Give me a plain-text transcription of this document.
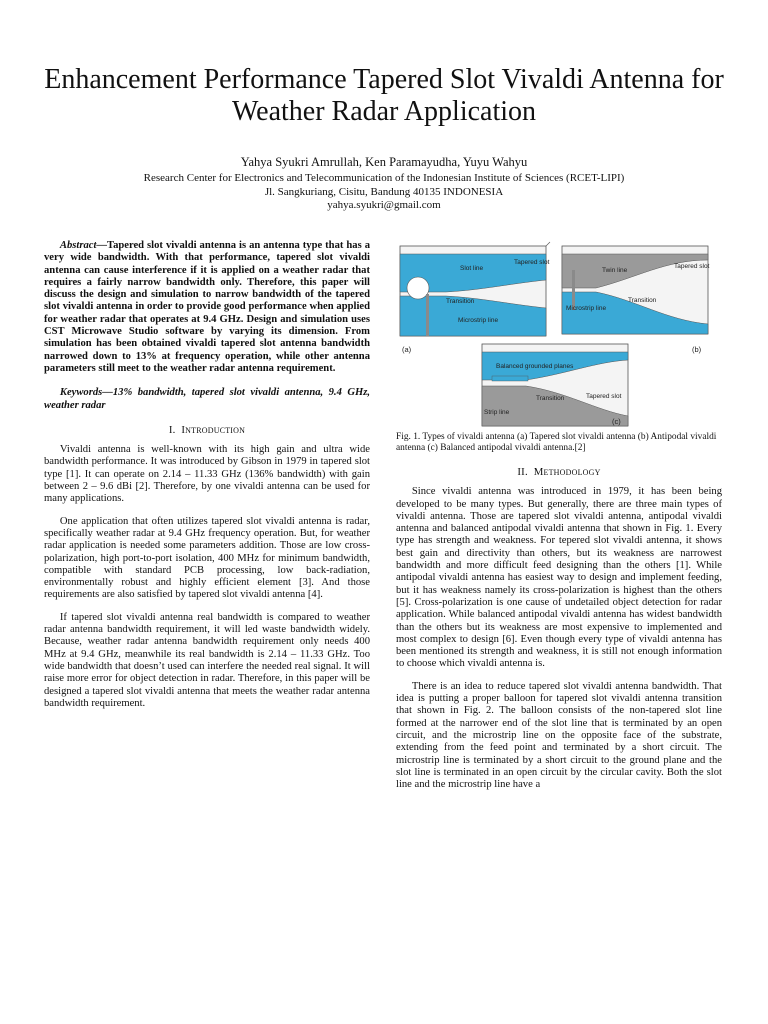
Enhancement Performance Tapered Slot Vivaldi Antenna for Weather Radar Application
Yahya Syukri Amrullah, Ken Paramayudha, Yuyu Wahyu
Research Center for Electronics and Telecommunication of the Indonesian Institute of Sciences (RCET-LIPI)
Jl. Sangkuriang, Cisitu, Bandung 40135 INDONESIA
yahya.syukri@gmail.com

Abstract—Tapered slot vivaldi antenna is an antenna type that has a very wide bandwidth. With that performance, tapered slot vivaldi antenna can cause interference if it is applied on a weather radar that requires a fairly narrow bandwidth only. Therefore, this paper will discuss the design and simulation to narrow bandwidth of the tapered slot vivaldi antenna in order to provide good performance when applied for weather radar that operates at 9.4 GHz. Design and simulation uses CST Microwave Studio software by varying its dimension. From simulation has been obtained vivaldi tapered slot antenna bandwidth narrowed down to 13% at frequency operation, while other antenna parameters still meet to the weather radar antenna requirement.

Keywords—13% bandwidth, tapered slot vivaldi antenna, 9.4 GHz, weather radar

I. Introduction

Vivaldi antenna is well-known with its high gain and ultra wide bandwidth performance. It was introduced by Gibson in 1979 in tapered slot type [1]. It can operate on 2.14 – 11.33 GHz (136% bandwidth) with gain between 2 – 9.6 dBi [2]. Therefore, by one vivaldi antenna can be used for many applications.

One application that often utilizes tapered slot vivaldi antenna is radar, specifically weather radar at 9.4 GHz frequency operation. But, for weather radar application is needed some parameters addition. Those are low cross-polarization, high port-to-port isolation, 400 MHz for minimum bandwidth, compatible with standard PCB processing, low back-radiation, environmentally robust and highly efficient element [3]. And those requirements are also satisfied by tapered slot vivaldi antenna [4].

If tapered slot vivaldi antenna real bandwidth is compared to weather radar antenna bandwidth requirement, it will led waste bandwidth widely. Because, weather radar antenna bandwidth requirement only needs 400 MHz at 9.4 GHz, meanwhile its real bandwidth is 2.14 – 11.33 GHz. Too wide bandwidth that doesn’t used can interfere the needed real signal. It will raise more error for object detection in radar. Therefore, in this paper will be designed a tapered slot vivaldi antenna that meets the weather radar antenna bandwidth requirement.

Slot line
Tapered slot
Transition
Microstrip line
(a)
Twin line
Tapered slot
Microstrip line
Transition
(b)
Balanced grounded planes
Tapered slot
Transition
Strip line
(c)

Fig. 1. Types of vivaldi antenna (a) Tapered slot vivaldi antenna (b) Antipodal vivaldi antenna (c) Balanced antipodal vivaldi antenna.[2]

II. Methodology

Since vivaldi antenna was introduced in 1979, it has been being developed to be many types. But generally, there are three main types of vivaldi antenna. Those are tapered slot vivaldi antenna, antipodal vivaldi antenna and balanced antipodal vivaldi antenna that shown in Fig. 1. Every type has strength and weakness. For tepered slot vivaldi antenna, it shows best gain and directivity than others, but its weakness are narrowest bandwidth and more difficult feed designing than the others [1]. While antipodal vivaldi antenna has easiest way to design and implement feeding, but it has weakness namely its cross-polarization is highest than the others [5]. Cross-polarization is one cause of undetailed object detection for radar application. While balanced antipodal vivaldi antenna has widest bandwidth than the others but its weakness are most expensive to implemented and most complex to design [6]. Even though every type of vivaldi antenna has been mentioned its strength and weakness, it is still not enough information to choose which vivaldi antenna is.

There is an idea to reduce tapered slot vivaldi antenna bandwidth. That idea is putting a proper balloon for tapered slot vivaldi antenna transition that shown in Fig. 2. The balloon consists of the non-tapered slot line formed at the narrower end of the slot line that is terminated by an open circuit, and the microstrip line on the opposite face of the substrate, extending from the feed point and terminated by a short circuit. The microstrip line is terminated by a short circuit to the ground plane and the slot line is terminated in an open circuit by the circular cavity. Both the slot line and the microstrip line have a
